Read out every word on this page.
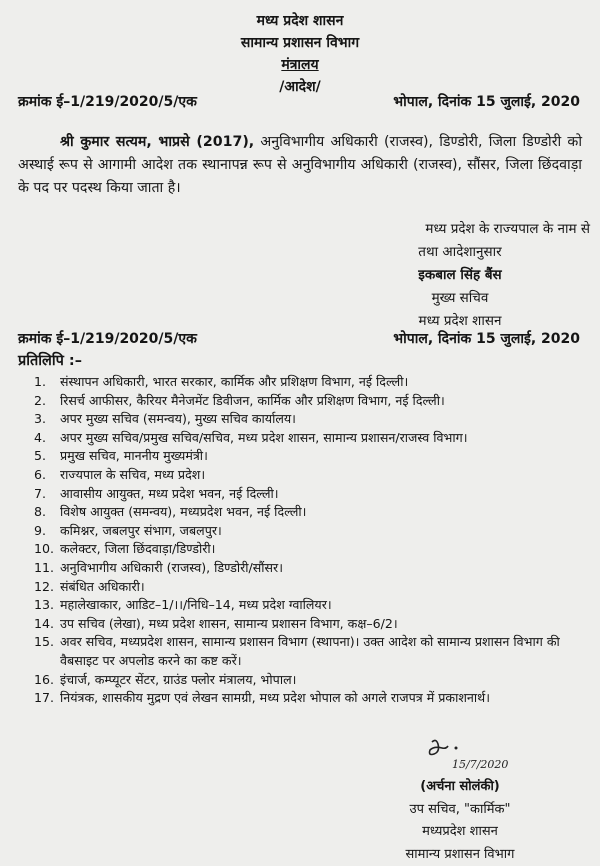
मध्य प्रदेश शासन
सामान्य प्रशासन विभाग
मंत्रालय
/आदेश/
क्रमांक ई–1/219/2020/5/एक	भोपाल, दिनांक 15 जुलाई, 2020
श्री कुमार सत्यम, भाप्रसे (2017), अनुविभागीय अधिकारी (राजस्व), डिण्डोरी, जिला डिण्डोरी को अस्थाई रूप से आगामी आदेश तक स्थानापन्न रूप से अनुविभागीय अधिकारी (राजस्व), सौंसर, जिला छिंदवाड़ा के पद पर पदस्थ किया जाता है।
मध्य प्रदेश के राज्यपाल के नाम से
तथा आदेशानुसार
इकबाल सिंह बैंस
मुख्य सचिव
मध्य प्रदेश शासन
क्रमांक ई–1/219/2020/5/एक	भोपाल, दिनांक 15 जुलाई, 2020
प्रतिलिपि :–
1.	संस्थापन अधिकारी, भारत सरकार, कार्मिक और प्रशिक्षण विभाग, नई दिल्ली।
2.	रिसर्च आफीसर, कैरियर मैनेजमेंट डिवीजन, कार्मिक और प्रशिक्षण विभाग, नई दिल्ली।
3.	अपर मुख्य सचिव (समन्वय), मुख्य सचिव कार्यालय।
4.	अपर मुख्य सचिव/प्रमुख सचिव/सचिव, मध्य प्रदेश शासन, सामान्य प्रशासन/राजस्व विभाग।
5.	प्रमुख सचिव, माननीय मुख्यमंत्री।
6.	राज्यपाल के सचिव, मध्य प्रदेश।
7.	आवासीय आयुक्त, मध्य प्रदेश भवन, नई दिल्ली।
8.	विशेष आयुक्त (समन्वय), मध्यप्रदेश भवन, नई दिल्ली।
9.	कमिश्नर, जबलपुर संभाग, जबलपुर।
10. कलेक्टर, जिला छिंदवाड़ा/डिण्डोरी।
11. अनुविभागीय अधिकारी (राजस्व), डिण्डोरी/सौंसर।
12. संबंधित अधिकारी।
13. महालेखाकार, आडिट–1/।।/निधि–14, मध्य प्रदेश ग्वालियर।
14. उप सचिव (लेखा), मध्य प्रदेश शासन, सामान्य प्रशासन विभाग, कक्ष–6/2।
15. अवर सचिव, मध्यप्रदेश शासन, सामान्य प्रशासन विभाग (स्थापना)। उक्त आदेश को सामान्य प्रशासन विभाग की वैबसाइट पर अपलोड करने का कष्ट करें।
16. इंचार्ज, कम्प्यूटर सेंटर, ग्राउंड फ्लोर मंत्रालय, भोपाल।
17. नियंत्रक, शासकीय मुद्रण एवं लेखन सामग्री, मध्य प्रदेश भोपाल को अगले राजपत्र में प्रकाशनार्थ।
15/7/2020
(अर्चना सोलंकी)
उप सचिव, "कार्मिक"
मध्यप्रदेश शासन
सामान्य प्रशासन विभाग
